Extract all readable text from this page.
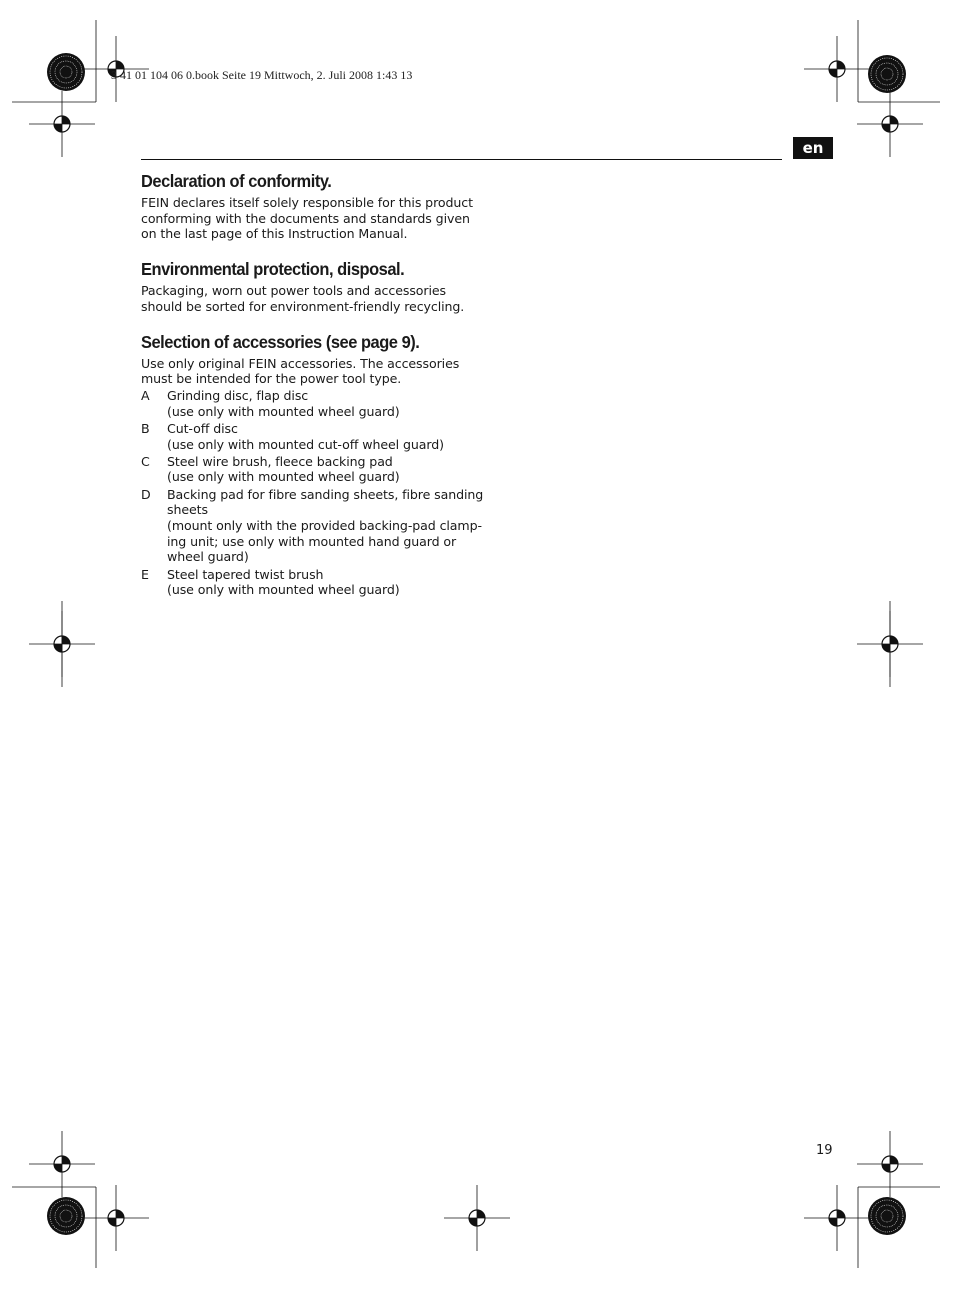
3 41 01 104 06 0.book Seite 19 Mittwoch, 2. Juli 2008 1:43 13
en
Declaration of conformity.

FEIN declares itself solely responsible for this product conforming with the documents and standards given on the last page of this Instruction Manual.

Environmental protection, disposal.

Packaging, worn out power tools and accessories should be sorted for environment-friendly recycling.

Selection of accessories (see page 9).

Use only original FEIN accessories. The accessories must be intended for the power tool type.

A	Grinding disc, flap disc
(use only with mounted wheel guard)
B	Cut-off disc
(use only with mounted cut-off wheel guard)
C	Steel wire brush, fleece backing pad
(use only with mounted wheel guard)
D	Backing pad for fibre sanding sheets, fibre sanding sheets
(mount only with the provided backing-pad clamp-ing unit; use only with mounted hand guard or wheel guard)
E	Steel tapered twist brush
(use only with mounted wheel guard)
19
